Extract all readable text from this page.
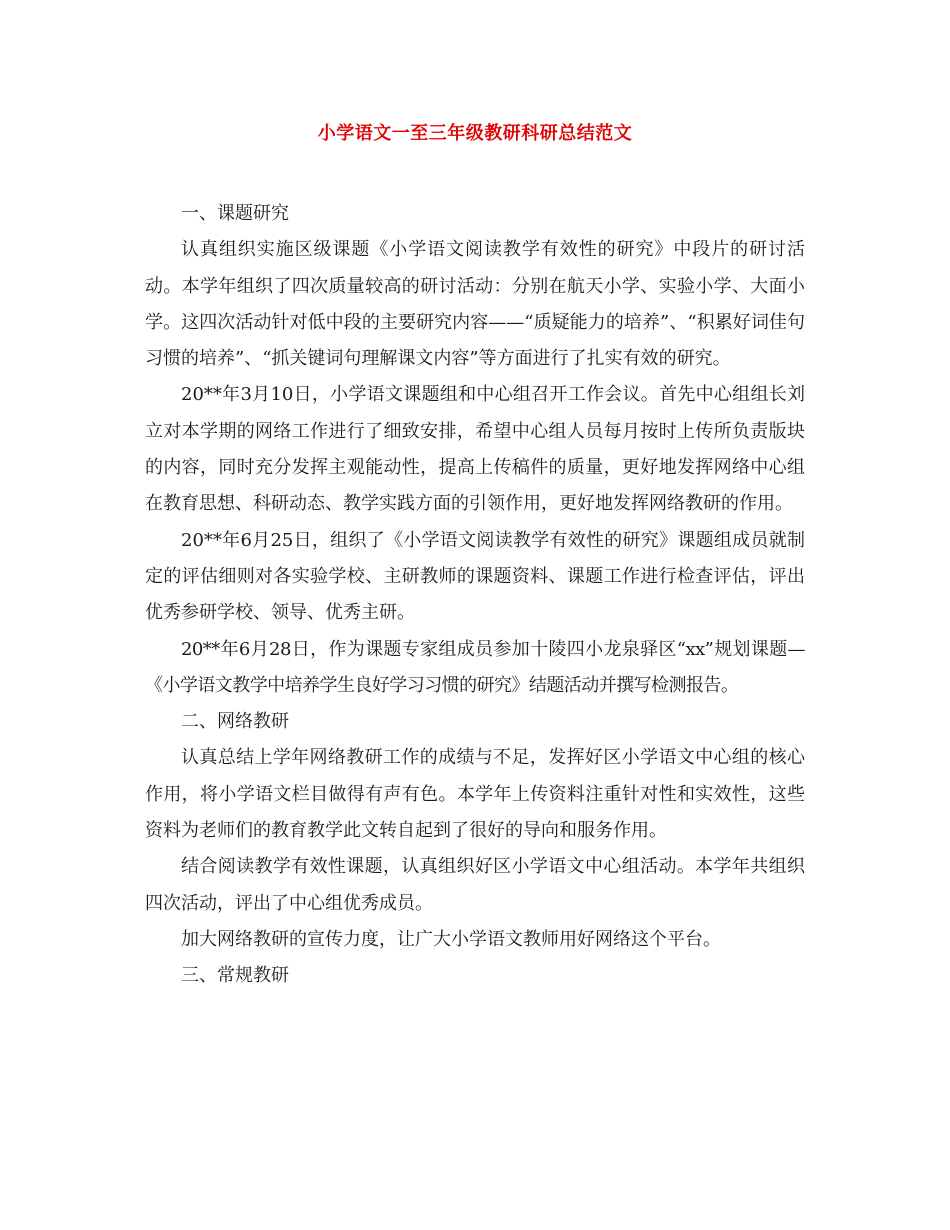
小学语文一至三年级教研科研总结范文

一、课题研究

认真组织实施区级课题《小学语文阅读教学有效性的研究》中段片的研讨活动。本学年组织了四次质量较高的研讨活动：分别在航天小学、实验小学、大面小学。这四次活动针对低中段的主要研究内容——“质疑能力的培养”、“积累好词佳句习惯的培养”、“抓关键词句理解课文内容”等方面进行了扎实有效的研究。

20**年3月10日，小学语文课题组和中心组召开工作会议。首先中心组组长刘立对本学期的网络工作进行了细致安排，希望中心组人员每月按时上传所负责版块的内容，同时充分发挥主观能动性，提高上传稿件的质量，更好地发挥网络中心组在教育思想、科研动态、教学实践方面的引领作用，更好地发挥网络教研的作用。

20**年6月25日，组织了《小学语文阅读教学有效性的研究》课题组成员就制定的评估细则对各实验学校、主研教师的课题资料、课题工作进行检查评估，评出优秀参研学校、领导、优秀主研。

20**年6月28日，作为课题专家组成员参加十陵四小龙泉驿区“xx”规划课题—《小学语文教学中培养学生良好学习习惯的研究》结题活动并撰写检测报告。

二、网络教研

认真总结上学年网络教研工作的成绩与不足，发挥好区小学语文中心组的核心作用，将小学语文栏目做得有声有色。本学年上传资料注重针对性和实效性，这些资料为老师们的教育教学此文转自起到了很好的导向和服务作用。

结合阅读教学有效性课题，认真组织好区小学语文中心组活动。本学年共组织四次活动，评出了中心组优秀成员。

加大网络教研的宣传力度，让广大小学语文教师用好网络这个平台。

三、常规教研
